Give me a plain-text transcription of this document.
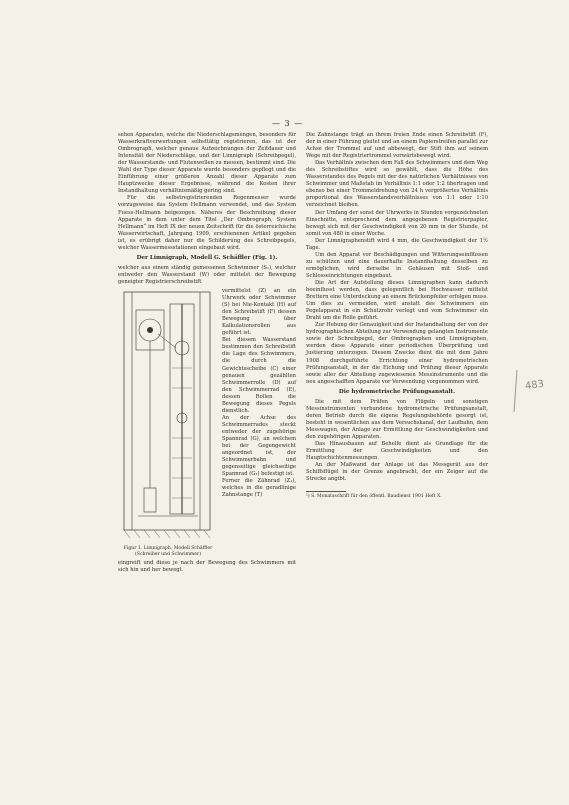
— 3 —

sehen Apparaten, welche die Niederschlagsmengen, besonders für Wasserkraftverwertungen selbsttätig registrieren, das ist der Ombrograph, welcher genaue Aufzeichnungen der Zeitdauer und Intensität der Niederschläge, und der Limnigraph (Schreibpegel), der Wasserstands- und Flutenwellen zu messen, bestimmt sind. Die Wahl der Type dieser Apparate wurde besonders gepflegt und die Einführung einer größeren Anzahl dieser Apparate zum Hauptzwecke dieser Ergebnisse, während die Kosten ihrer Instandhaltung verhältnismäßig gering sind.

Für die selbstregistrierenden Regenmesser wurde vorzugsweise das System Hellmann verwendet, und das System Fuess-Hellmann beigezogen. Näheres der Beschreibung dieser Apparate in dem unter dem Titel „Der Ombrograph, System Hellmann“ im Heft IX der neuen Zeitschrift für die österreichische Wasserwirtschaft, Jahrgang 1909, erschienenen Artikel gegeben ist, es erübrigt daher nur die Schilderung des Schreibpegels, welcher Wassermessstationen eingebaut wird.

Der Limnigraph, Modell G. Schäffler (Fig. 1).

welcher aus einem ständig gemessenen Schwimmer (S₁), welcher entweder den Wasserstand (W) oder mittelst der Bewegung geneigter Registrierschreibstift

vermittelst (Z) an ein Uhrwerk oder Schwimmer (S) bei Nie-Kontakt (H) auf den Schreibstift (F) dessen Bewegung über Kalkulationsrollen aus geführt ist.

Bei diesem Wasserstand bestimmen den Schreibstift die Lage des Schwimmers, die durch die Gewichtsscheibe (C) einer genauen gezählten Schwimmerrolle (D) auf den Schwimmerrad (E), dessen Rollen die Bewegung dieses Pegels dienstlich.

An der Achse des Schwimmerrades steckt entweder der zugehörige Spannrad (G), an welchem bei der Gegengewicht angeordnet ist, der Schwimmerbahn und gegenseitige gleichseitige Spannrad (G₂) befestigt ist.

Ferner die Zähnrad (Z₁), welches in die geradlinige Zahnstange (T)

Figur 1. Limnigraph, Modell Schäffler (Schreiber und Schwimmer)

eingreift und diese je nach der Bewegung des Schwimmers mit sich hin und her bewegt.

Die Zahnstange trägt an ihrem freien Ende einen Schreibstift (F), der in einer Führung gleitet und an einem Papierstreifen parallel zur Achse der Trommel auf und abbewegt, der Stift ihm auf seinem Wege mit der Registriertrommel vorwärtsbewegt wird.

Das Verhältnis zwischen dem Fall des Schwimmers und dem Weg des Schreibstiftes wird so gewählt, dass die Höhe des Wasserstandes des Pegels mit der des natürlichen Verhältnisses von Schwimmer und Maßstab im Verhältnis 1:1 oder 1:2 übertragen und ebenso bei einer Trommeldrehung von 24 h vergrößertes Verhältnis proportional des Wasserstandsverhältnisses von 1:1 oder 1:10 verzeichnet bleiben.

Der Umfang der sonst der Uhrwerks in Stunden vorgezeichneten Einschnitte, entsprechend dem angegebenen Registrierpapier, bewegt sich mit der Geschwindigkeit von 20 mm in der Stunde, ist somit von 480 in einer Woche.

Der Limnigraphenstift wird 4 mm, die Geschwindigkeit der 1½ Tage.

Um den Apparat vor Beschädigungen und Witterungseinflüssen zu schützen und eine dauerhafte Instandhaltung desselben zu ermöglichen, wird derselbe in Gehäusen mit Stoß- und Schlosseinrichtungen eingebaut.

Die Art der Aufstellung dieses Limnigraphen kann dadurch beeinflusst werden, dass gelegentlich bei Hochwasser mittelst Brettern eine Unterdeckung an einem Brückenpfeiler erfolgen muss. Um dies zu vermeiden, wird anstatt des Schwimmers ein Pegelapparat in ein Schutzrohr verlegt und vom Schwimmer ein Draht um die Rolle geführt.

Zur Hebung der Genauigkeit und der Instandhaltung der von der hydrographischen Abteilung zur Verwendung gelangten Instrumente sowie der Schreibpegel, der Ombrographen und Limnigraphen, werden diese Apparate einer periodischen Überprüfung und Justierung unterzogen. Diesem Zwecke dient die mit dem Jahre 1908 durchgeführte Errichtung einer hydrometrischen Prüfungsanstalt, in der die Eichung und Prüfung dieser Apparate sowie aller der Abteilung zugewiesenen Messinstrumente und die neu angeschafften Apparate vor Verwendung vorgenommen wird.

Die hydrometrische Prüfungsanstalt.

Die mit dem Prüfen von Flügeln und sonstigen Messinstrumenten verbundene hydrometrische Prüfungsanstalt, deren Betrieb durch die eigene Regelungsbehörde gesorgt ist, besteht in wesentlichen aus dem Versuchskanal, der Laufbahn, dem Messwagen, der Anlage zur Ermittlung der Geschwindigkeiten und den zugehörigen Apparaten.

Das Hinausbauen auf Behelfe dient als Grundlage für die Ermittlung der Geschwindigkeiten und den Hauptschichtenmessungen.

An der Maßwand der Anlage ist das Messgerät aus der Schiffsflügel in der Grenze angebracht, der ein Zeiger auf die Strecke angibt.

¹) S. Monatsschrift für den öffentl. Baudienst 1901 Heft X.

483
